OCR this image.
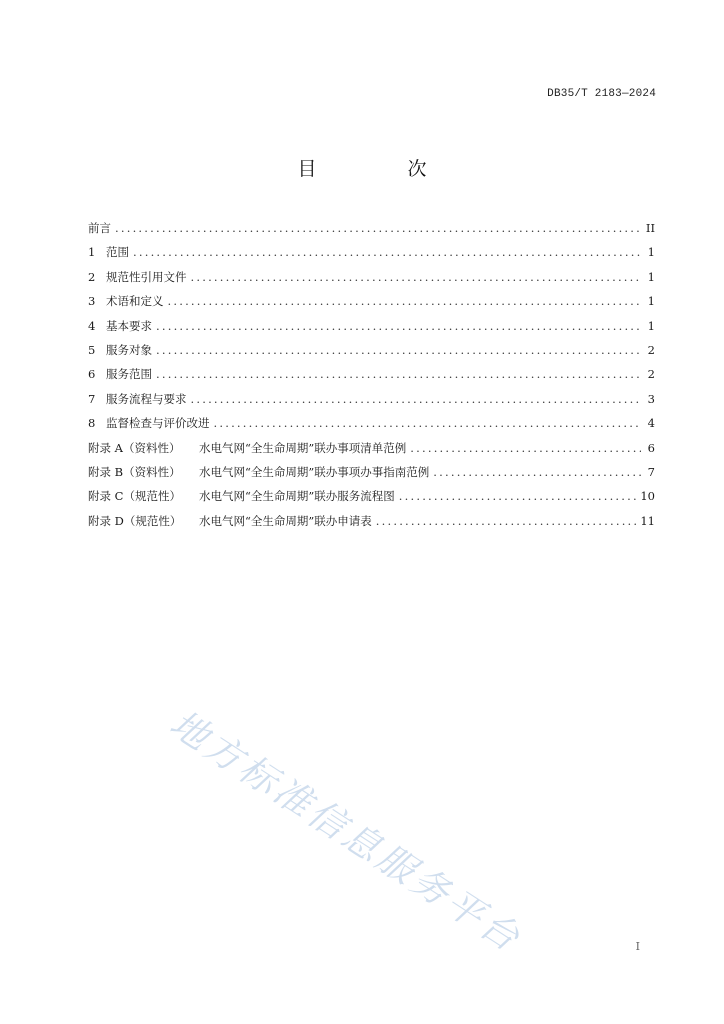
DB35/T 2183—2024
目　次
前言 .....	II
1 范围 .....	1
2 规范性引用文件 .....	1
3 术语和定义 .....	1
4 基本要求 .....	1
5 服务对象 .....	2
6 服务范围 .....	2
7 服务流程与要求 .....	3
8 监督检查与评价改进 .....	4
附录 A（资料性）	水电气网“全生命周期”联办事项清单范例 .....	6
附录 B（资料性）	水电气网“全生命周期”联办事项办事指南范例 .....	7
附录 C（规范性）	水电气网“全生命周期”联办服务流程图 .....	10
附录 D（规范性）	水电气网“全生命周期”联办申请表 .....	11
地方标准信息服务平台	I
